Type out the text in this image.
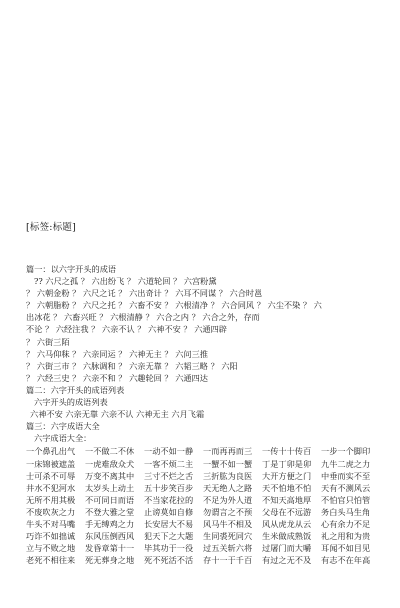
[标签:标题]
篇一：以六字开头的成语
?? 六尺之孤 ？ 六出纷飞 ？ 六道轮回 ？ 六宫粉黛
？ 六朝金粉 ？ 六尺之讬 ？ 六出奇计 ？ 六耳不同谋 ？ 六合时邕
？ 六朝脂粉 ？ 六尺之托 ？ 六畜不安 ？ 六根清净 ？ 六合同风 ？ 六尘不染 ？ 六
出冰花 ？ 六畜兴旺 ？ 六根清静 ？ 六合之内 ？ 六合之外，存而
不论 ？ 六经注我 ？ 六亲不认 ？ 六神不安 ？ 六通四辟
？ 六街三陌
？ 六马仰秣 ？ 六亲同运 ？ 六神无主 ？ 六问三推
？ 六街三市 ？ 六脉调和 ？ 六亲无靠 ？ 六韬三略 ？ 六阳
？ 六经三史 ？ 六亲不和 ？ 六趣轮回 ？ 六通四达
篇二：六字开头的成语列表
六字开头的成语列表
六神不安 六亲无靠 六亲不认 六神无主 六月飞霜
篇三：六字成语大全
六字成语大全：
一个鼻孔出气	一不做二不休	一动不如一静	一而再再而三	一传十十传百	一步一个脚印
一床锦被遮盖	一虎难敌众犬	一客不烦二主	一蟹不如一蟹	丁是丁卯是卯	九牛二虎之力
士可杀不可辱	万变不离其中	三寸不烂之舌	三折肱为良医	大开方便之门	中垂而实不至
井水不犯河水	太岁头上动土	五十步笑百步	天无绝人之路	天不怕地不怕	天有不测风云
无所不用其极	不可同日而语	不当家花拉的	不足为外人道	不知天高地厚	不怕官只怕管
不废吹灰之力	不登大雅之堂	止谤莫如自修	勿谓言之不预	父母在不远游	务白头马生角
牛头不对马嘴	手无缚鸡之力	长安居大不易	风马牛不相及	风从虎龙从云	心有余力不足
巧诈不如拙诚	东风压倒西风	犯天下之大题	生同裘死同穴	生米做成熟饭	礼之用和为贵
立与不败之地	发昏章第十一	毕其功于一役	过五关斩六将	过屠门而大嚼	耳闻不如目见
老死不相往来	死无葬身之地	死不死活不活	存十一于千百	有过之无不及	有志不在年高
